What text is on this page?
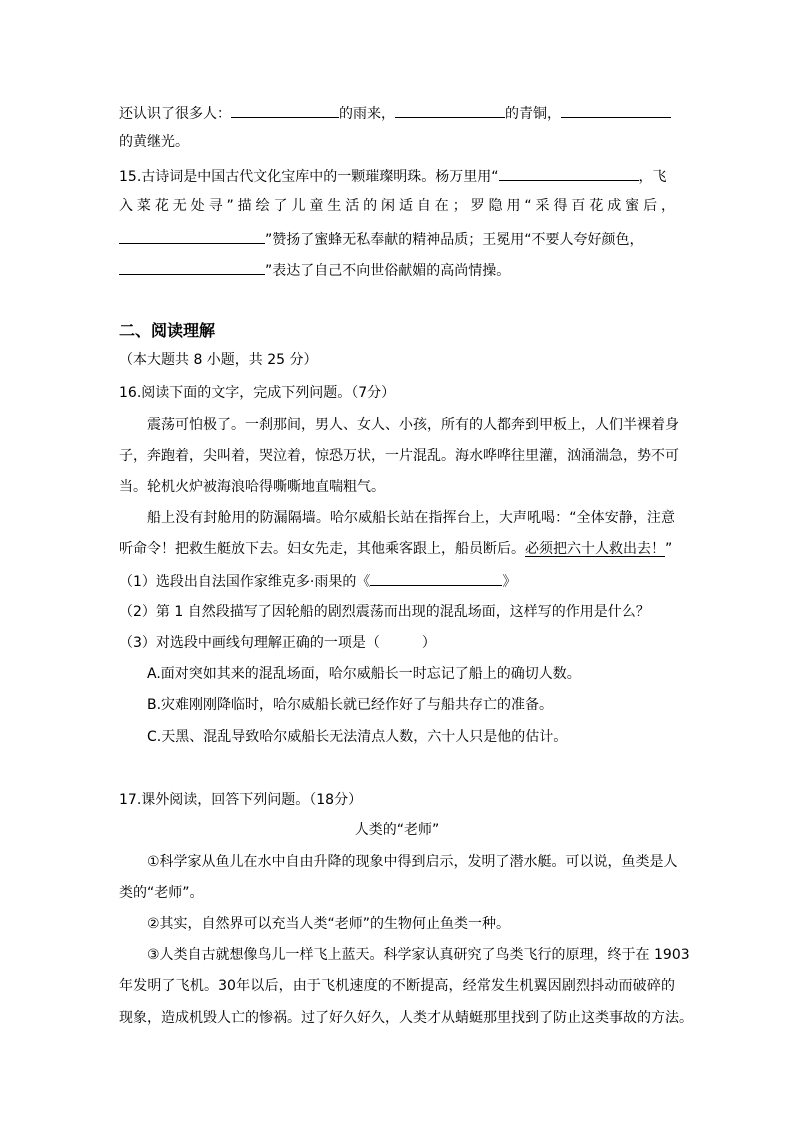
还认识了很多人：	的雨来，	的青铜，
的黄继光。
15.古诗词是中国古代文化宝库中的一颗璀璨明珠。杨万里用“	，飞
入菜花无处寻”描绘了儿童生活的闲适自在；罗隐用“采得百花成蜜后，
”赞扬了蜜蜂无私奉献的精神品质；王冕用“不要人夸好颜色，
”表达了自己不向世俗献媚的高尚情操。
二、阅读理解
（本大题共 8 小题，共 25 分）
16.阅读下面的文字，完成下列问题。（7分）
震荡可怕极了。一刹那间，男人、女人、小孩，所有的人都奔到甲板上，人们半裸着身
子，奔跑着，尖叫着，哭泣着，惊恐万状，一片混乱。海水哗哗往里灌，汹涌湍急，势不可
当。轮机火炉被海浪哈得嘶嘶地直喘粗气。
船上没有封舱用的防漏隔墙。哈尔威船长站在指挥台上，大声吼喝：“全体安静，注意
听命令！把救生艇放下去。妇女先走，其他乘客跟上，船员断后。必须把六十人救出去！”
（1）选段出自法国作家维克多·雨果的《	》
（2）第 1 自然段描写了因轮船的剧烈震荡而出现的混乱场面，这样写的作用是什么？
（3）对选段中画线句理解正确的一项是（　　　）
A.面对突如其来的混乱场面，哈尔威船长一时忘记了船上的确切人数。
B.灾难刚刚降临时，哈尔威船长就已经作好了与船共存亡的准备。
C.天黑、混乱导致哈尔威船长无法清点人数，六十人只是他的估计。
17.课外阅读，回答下列问题。（18分）
人类的“老师”
①科学家从鱼儿在水中自由升降的现象中得到启示，发明了潜水艇。可以说，鱼类是人
类的“老师”。
②其实，自然界可以充当人类“老师”的生物何止鱼类一种。
③人类自古就想像鸟儿一样飞上蓝天。科学家认真研究了鸟类飞行的原理，终于在 1903
年发明了飞机。30年以后，由于飞机速度的不断提高，经常发生机翼因剧烈抖动而破碎的
现象，造成机毁人亡的惨祸。过了好久好久，人类才从蜻蜓那里找到了防止这类事故的方法。
